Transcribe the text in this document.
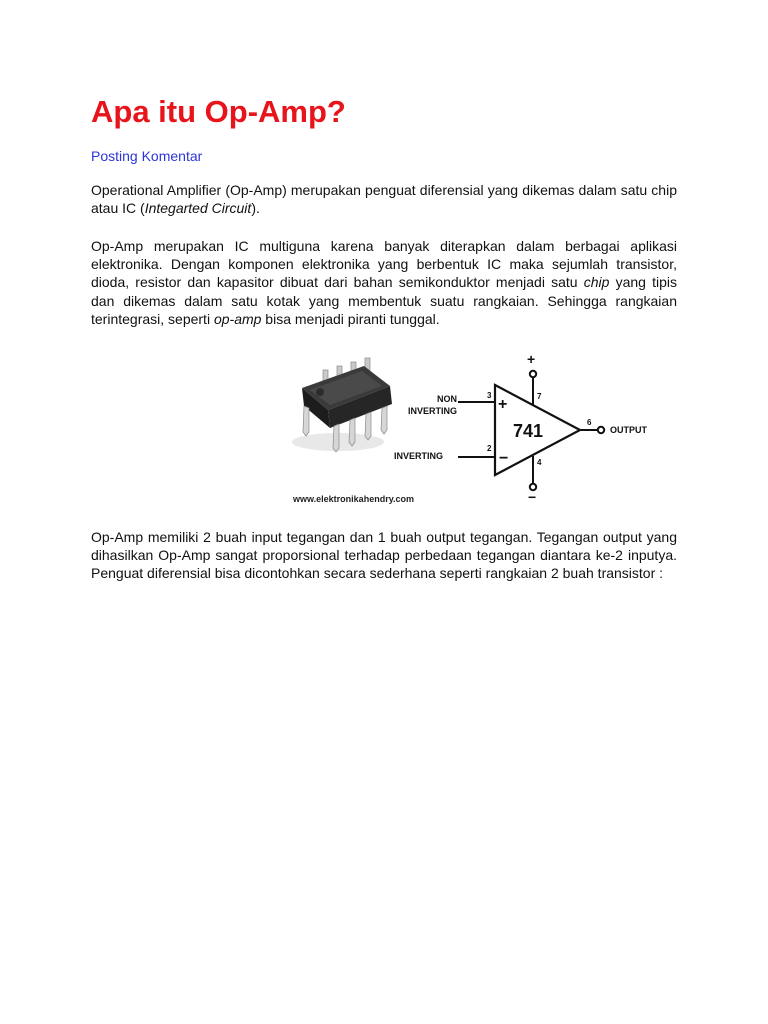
Apa itu Op-Amp?
Posting Komentar

Operational Amplifier (Op-Amp) merupakan penguat diferensial yang dikemas dalam satu chip atau IC (Integarted Circuit).

Op-Amp merupakan IC multiguna karena banyak diterapkan dalam berbagai aplikasi elektronika. Dengan komponen elektronika yang berbentuk IC maka sejumlah transistor, dioda, resistor dan kapasitor dibuat dari bahan semikonduktor menjadi satu chip yang tipis dan dikemas dalam satu kotak yang membentuk suatu rangkaian. Sehingga rangkaian terintegrasi, seperti op-amp bisa menjadi piranti tunggal.

741
+
−
+
−
3
2
7
6
4
NON
INVERTING
INVERTING
OUTPUT
www.elektronikahendry.com

Op-Amp memiliki 2 buah input tegangan dan 1 buah output tegangan. Tegangan output yang dihasilkan Op-Amp sangat proporsional terhadap perbedaan tegangan diantara ke-2 inputya. Penguat diferensial bisa dicontohkan secara sederhana seperti rangkaian 2 buah transistor :
